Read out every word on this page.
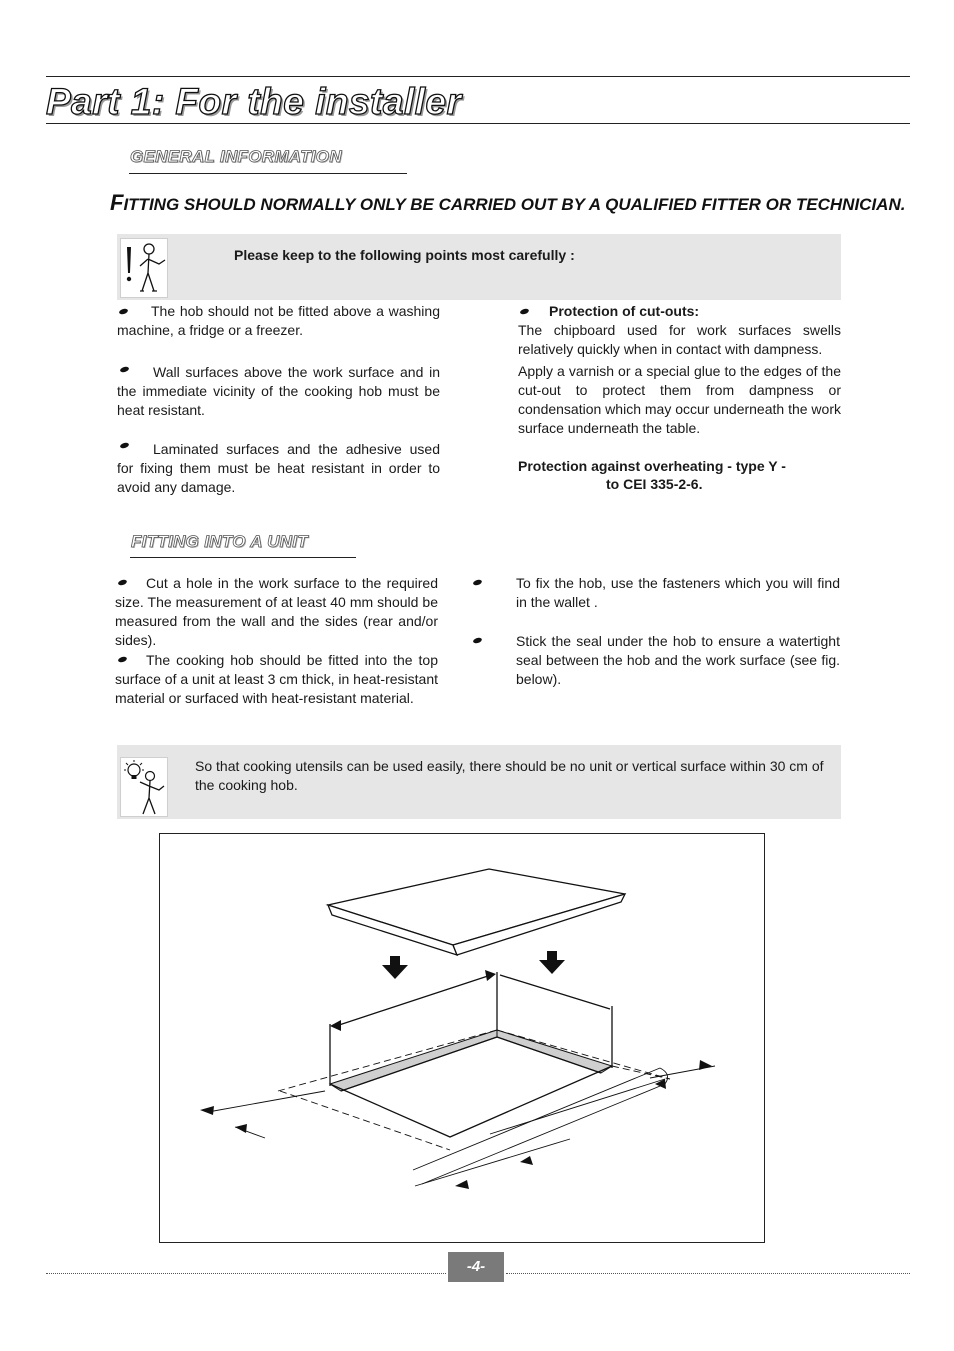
Part 1: For the installer
GENERAL INFORMATION
FITTING SHOULD NORMALLY ONLY BE CARRIED OUT BY A QUALIFIED FITTER OR TECHNICIAN.
Please keep to the following points most carefully :
The hob should not be fitted above a washing machine, a fridge or a freezer.
Wall surfaces above the work surface and in the immediate vicinity of the cooking hob must be heat resistant.
Laminated surfaces and the adhesive used for fixing them must be heat resistant in order to avoid any damage.
Protection of cut-outs:
The chipboard used for work surfaces swells relatively quickly when in contact with dampness.
Apply a varnish or a special glue to the edges of the cut-out to protect them from dampness or condensation which may occur underneath the work surface underneath the table.
Protection against overheating - type Y -
to CEI 335-2-6.
FITTING INTO A UNIT
Cut a hole in the work surface to the required size. The measurement of at least 40 mm should be measured from the wall and the sides (rear and/or sides).
The cooking hob should be fitted into the top surface of a unit at least 3 cm thick, in heat-resistant material or surfaced with heat-resistant material.
To fix the hob, use the fasteners which you will find in the wallet .
Stick the seal under the hob to ensure a watertight seal between the hob and the work surface (see fig. below).
So that cooking utensils can be used easily, there should be no unit or vertical surface within 30 cm of the cooking hob.
-4-
